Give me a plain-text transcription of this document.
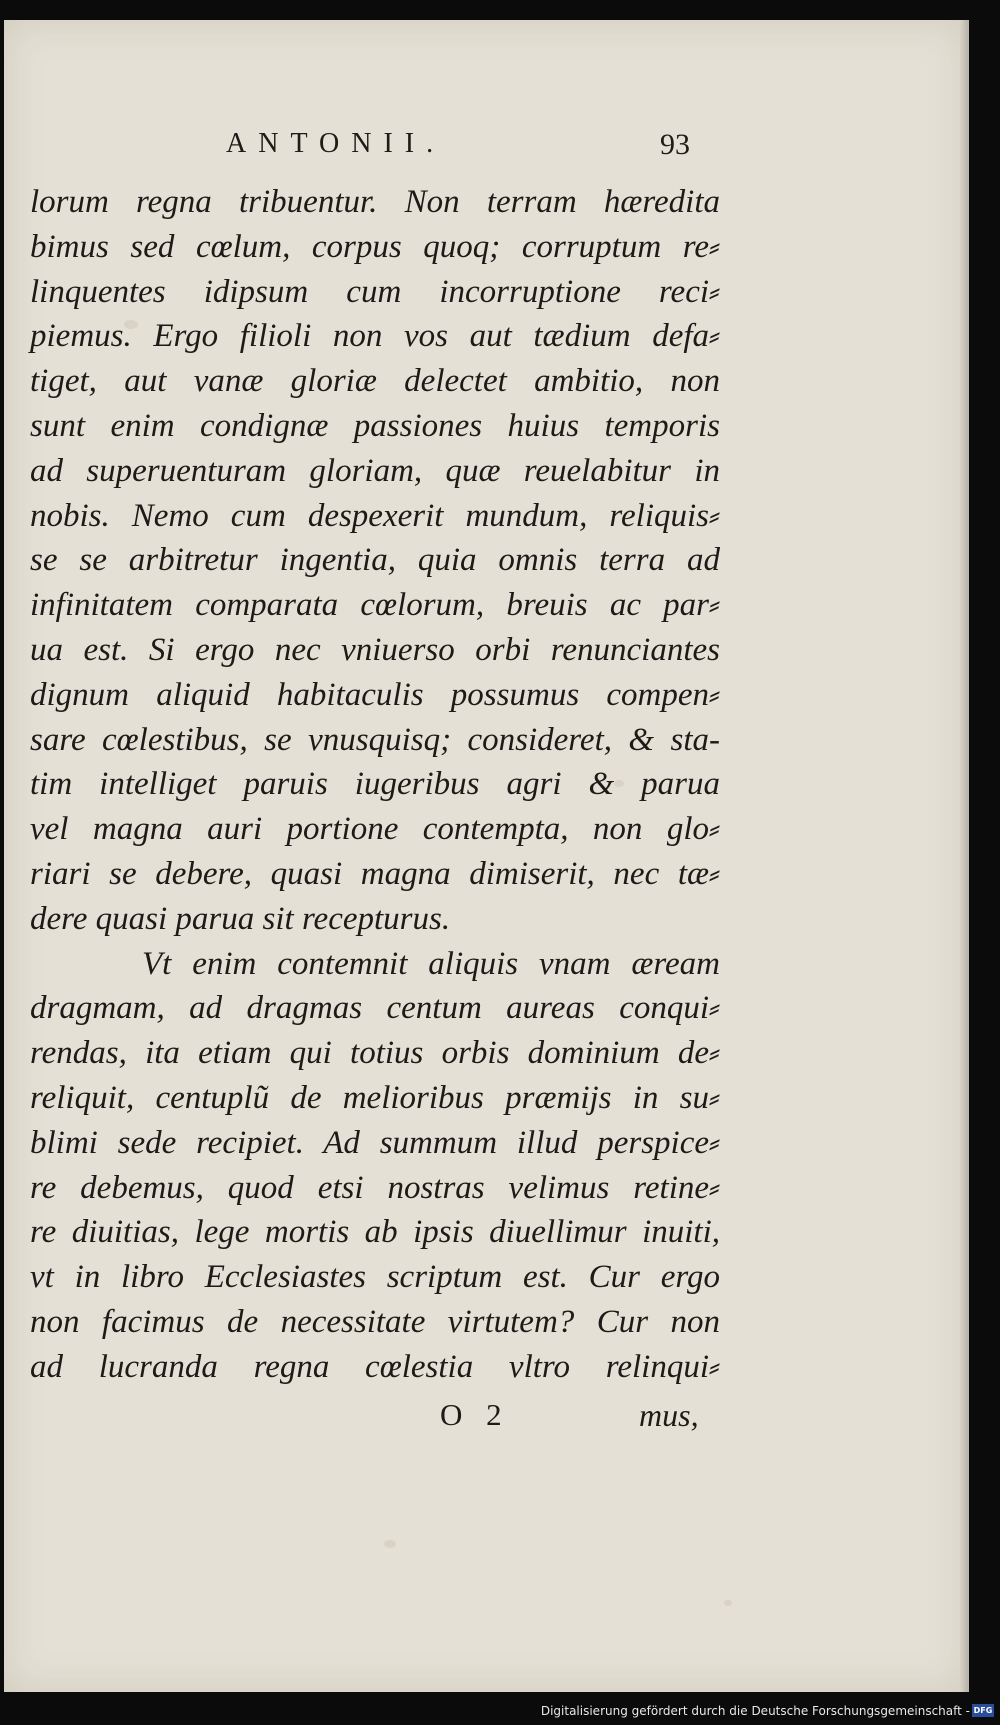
ANTONII.	93
lorum regna tribuentur. Non terram hæredita
bimus sed cœlum, corpus quoq; corruptum re⸗
linquentes idipsum cum incorruptione reci⸗
piemus. Ergo filioli non vos aut tædium defa⸗
tiget, aut vanæ gloriæ delectet ambitio, non
sunt enim condignæ passiones huius temporis
ad superuenturam gloriam, quæ reuelabitur in
nobis. Nemo cum despexerit mundum, reliquis⸗
se se arbitretur ingentia, quia omnis terra ad
infinitatem comparata cœlorum, breuis ac par⸗
ua est. Si ergo nec vniuerso orbi renunciantes
dignum aliquid habitaculis possumus compen⸗
sare cœlestibus, se vnusquisq; consideret, & sta-
tim intelliget paruis iugeribus agri & parua
vel magna auri portione contempta, non glo⸗
riari se debere, quasi magna dimiserit, nec tæ⸗
dere quasi parua sit recepturus.
Vt enim contemnit aliquis vnam æream
dragmam, ad dragmas centum aureas conqui⸗
rendas, ita etiam qui totius orbis dominium de⸗
reliquit, centuplũ de melioribus præmijs in su⸗
blimi sede recipiet. Ad summum illud perspice⸗
re debemus, quod etsi nostras velimus retine⸗
re diuitias, lege mortis ab ipsis diuellimur inuiti,
vt in libro Ecclesiastes scriptum est. Cur ergo
non facimus de necessitate virtutem? Cur non
ad lucranda regna cœlestia vltro relinqui⸗
O 2	mus,
Digitalisierung gefördert durch die Deutsche Forschungsgemeinschaft - DFG
